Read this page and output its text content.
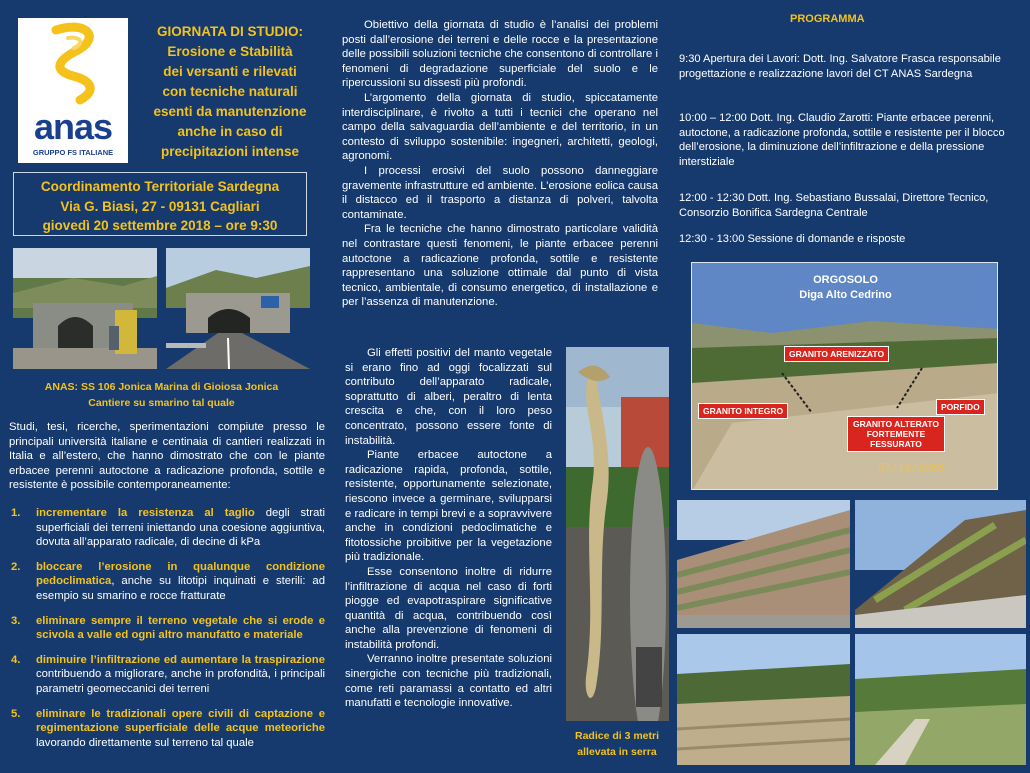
anas
GRUPPO FS ITALIANE
GIORNATA DI STUDIO:
Erosione e Stabilità
dei versanti e rilevati
con tecniche naturali
esenti da manutenzione
anche in caso di
precipitazioni intense
Coordinamento Territoriale Sardegna
Via G. Biasi, 27 - 09131 Cagliari
giovedì 20 settembre 2018 – ore 9:30
ANAS: SS 106 Jonica Marina di Gioiosa Jonica
Cantiere su smarino tal quale
Studi, tesi, ricerche, sperimentazioni compiute presso le principali università italiane e centinaia di cantieri realizzati in Italia e all’estero, che hanno dimostrato che con le piante erbacee perenni autoctone a radicazione profonda, sottile e resistente è possibile contemporaneamente:
1. incrementare la resistenza al taglio degli strati superficiali dei terreni iniettando una coesione aggiuntiva, dovuta all’apparato radicale, di decine di kPa
2. bloccare l’erosione in qualunque condizione pedoclimatica, anche su litotipi inquinati e sterili: ad esempio su smarino e rocce fratturate
3. eliminare sempre il terreno vegetale che si erode e scivola a valle ed ogni altro manufatto e materiale
4. diminuire l’infiltrazione ed aumentare la traspirazione contribuendo a migliorare, anche in profondità, i principali parametri geomeccanici dei terreni
5. eliminare le tradizionali opere civili di captazione e regimentazione superficiale delle acque meteoriche lavorando direttamente sul terreno tal quale

Obiettivo della giornata di studio è l’analisi dei problemi posti dall’erosione dei terreni e delle rocce e la presentazione delle possibili soluzioni tecniche che consentono di controllare i fenomeni di degradazione superficiale del suolo e le ripercussioni su dissesti più profondi.

L’argomento della giornata di studio, spiccatamente interdisciplinare, è rivolto a tutti i tecnici che operano nel campo della salvaguardia dell’ambiente e del territorio, in un contesto di sviluppo sostenibile: ingegneri, architetti, geologi, agronomi.

I processi erosivi del suolo possono danneggiare gravemente infrastrutture ed ambiente. L’erosione eolica causa il distacco ed il trasporto a distanza di polveri, talvolta contaminate.

Fra le tecniche che hanno dimostrato particolare validità nel contrastare questi fenomeni, le piante erbacee perenni autoctone a radicazione profonda, sottile e resistente rappresentano una soluzione ottimale dal punto di vista tecnico, ambientale, di consumo energetico, di installazione e per l’assenza di manutenzione.

Gli effetti positivi del manto vegetale si erano fino ad oggi focalizzati sul contributo dell’apparato radicale, soprattutto di alberi, peraltro di lenta crescita e che, con il loro peso concentrato, possono essere fonte di instabilità.

Piante erbacee autoctone a radicazione rapida, profonda, sottile, resistente, opportunamente selezionate, riescono invece a germinare, svilupparsi e radicare in tempi brevi e a sopravvivere anche in condizioni pedoclimatiche e fitotossiche proibitive per la vegetazione più tradizionale.

Esse consentono inoltre di ridurre l’infiltrazione di acqua nel caso di forti piogge ed evapotraspirare significative quantità di acqua, contribuendo così anche alla prevenzione di fenomeni di instabilità profondi.

Verranno inoltre presentate soluzioni sinergiche con tecniche più tradizionali, come reti paramassi a contatto ed altri manufatti e tecnologie innovative.

Radice di 3 metri
allevata in serra
PROGRAMMA
9:30 Apertura dei Lavori: Dott. Ing. Salvatore Frasca responsabile progettazione e realizzazione lavori del CT ANAS Sardegna
10:00 – 12:00 Dott. Ing. Claudio Zarotti: Piante erbacee perenni, autoctone, a radicazione profonda, sottile e resistente per il blocco dell’erosione, la diminuzione dell’infiltrazione e della pressione interstiziale
12:00 - 12:30 Dott. Ing. Sebastiano Bussalai, Direttore Tecnico, Consorzio Bonifica Sardegna Centrale
12:30 - 13:00 Sessione di domande e risposte
ORGOSOLO
Diga Alto Cedrino
GRANITO ARENIZZATO
GRANITO INTEGRO	PORFIDO
GRANITO ALTERATO FORTEMENTE FESSURATO
07/10/2008
